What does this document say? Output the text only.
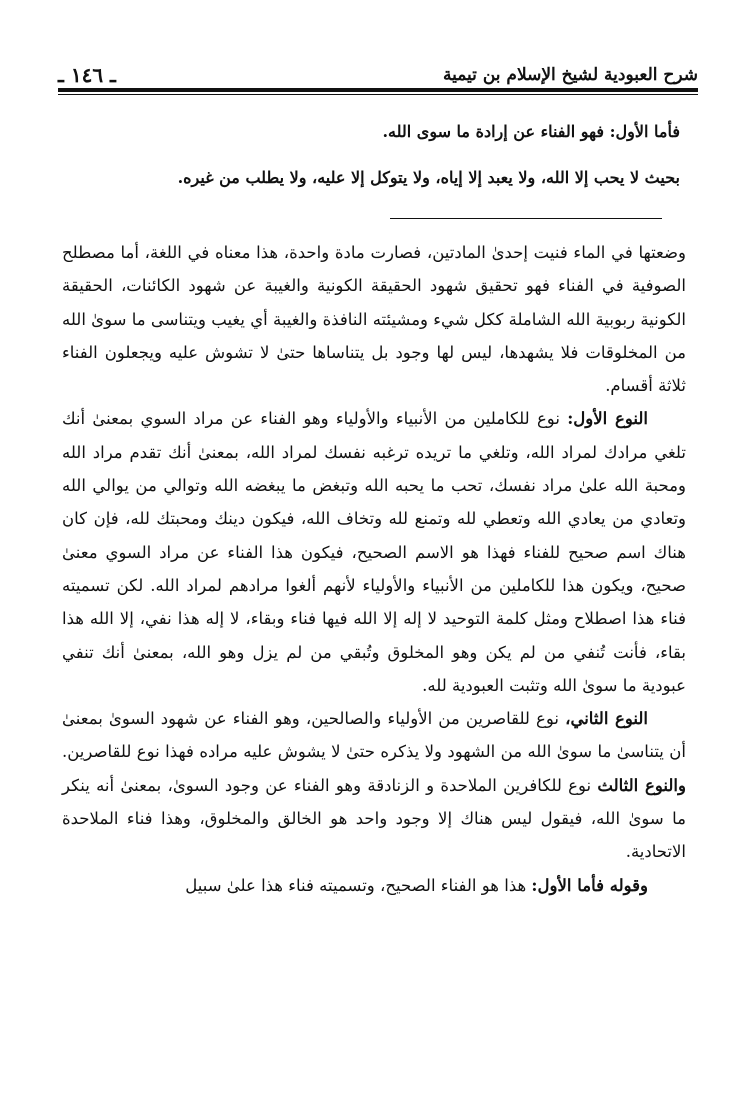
شرح العبودية لشيخ الإسلام بن تيمية
ـ ١٤٦ ـ
فأما الأول: فهو الفناء عن إرادة ما سوى الله.
بحيث لا يحب إلا الله، ولا يعبد إلا إياه، ولا يتوكل إلا عليه، ولا يطلب من غيره.

وضعتها في الماء فنيت إحدىٰ المادتين، فصارت مادة واحدة، هذا معناه في اللغة، أما مصطلح الصوفية في الفناء فهو تحقيق شهود الحقيقة الكونية والغيبة عن شهود الكائنات، الحقيقة الكونية ربوبية الله الشاملة ككل شيء ومشيئته النافذة والغيبة أي يغيب ويتناسى ما سوىٰ الله من المخلوقات فلا يشهدها، ليس لها وجود بل يتناساها حتىٰ لا تشوش عليه ويجعلون الفناء ثلاثة أقسام.

النوع الأول: نوع للكاملين من الأنبياء والأولياء وهو الفناء عن مراد السوي بمعنىٰ أنك تلغي مرادك لمراد الله، وتلغي ما تريده ترغبه نفسك لمراد الله، بمعنىٰ أنك تقدم مراد الله ومحبة الله علىٰ مراد نفسك، تحب ما يحبه الله وتبغض ما يبغضه الله وتوالي من يوالي الله وتعادي من يعادي الله وتعطي لله وتمنع لله وتخاف الله، فيكون دينك ومحبتك لله، فإن كان هناك اسم صحيح للفناء فهذا هو الاسم الصحيح، فيكون هذا الفناء عن مراد السوي معنىٰ صحيح، ويكون هذا للكاملين من الأنبياء والأولياء لأنهم ألغوا مرادهم لمراد الله. لكن تسميته فناء هذا اصطلاح ومثل كلمة التوحيد لا إله إلا الله فيها فناء وبقاء، لا إله هذا نفي، إلا الله هذا بقاء، فأنت تُنفي من لم يكن وهو المخلوق وتُبقي من لم يزل وهو الله، بمعنىٰ أنك تنفي عبودية ما سوىٰ الله وتثبت العبودية لله.

النوع الثاني، نوع للقاصرين من الأولياء والصالحين، وهو الفناء عن شهود السوىٰ بمعنىٰ أن يتناسىٰ ما سوىٰ الله من الشهود ولا يذكره حتىٰ لا يشوش عليه مراده فهذا نوع للقاصرين. والنوع الثالث نوع للكافرين الملاحدة و الزنادقة وهو الفناء عن وجود السوىٰ، بمعنىٰ أنه ينكر ما سوىٰ الله، فيقول ليس هناك إلا وجود واحد هو الخالق والمخلوق، وهذا فناء الملاحدة الاتحادية.

وقوله فأما الأول: هذا هو الفناء الصحيح، وتسميته فناء هذا علىٰ سبيل
